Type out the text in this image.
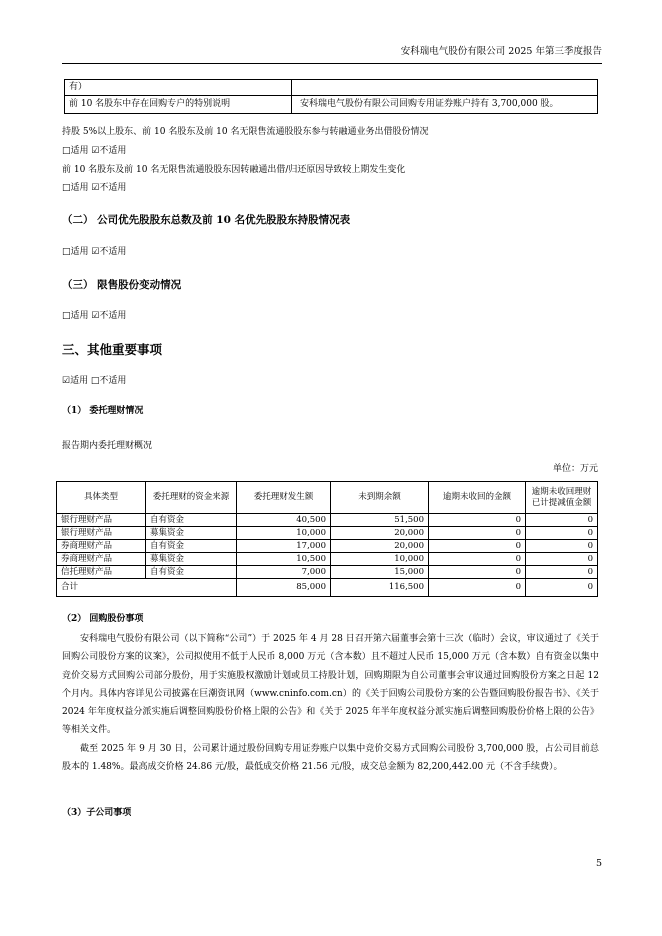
安科瑞电气股份有限公司 2025 年第三季度报告
有）	
前 10 名股东中存在回购专户的特别说明	安科瑞电气股份有限公司回购专用证券账户持有 3,700,000 股。
持股 5%以上股东、前 10 名股东及前 10 名无限售流通股股东参与转融通业务出借股份情况
□适用 ☑不适用
前 10 名股东及前 10 名无限售流通股股东因转融通出借/归还原因导致较上期发生变化
□适用 ☑不适用
（二） 公司优先股股东总数及前 10 名优先股股东持股情况表
□适用 ☑不适用
（三） 限售股份变动情况
□适用 ☑不适用
三、其他重要事项
☑适用 □不适用
（1） 委托理财情况
报告期内委托理财概况
单位：万元
具体类型	委托理财的资金来源	委托理财发生额	未到期余额	逾期未收回的金额	逾期未收回理财已计提减值金额
银行理财产品	自有资金	40,500	51,500	0	0
银行理财产品	募集资金	10,000	20,000	0	0
券商理财产品	自有资金	17,000	20,000	0	0
券商理财产品	募集资金	10,500	10,000	0	0
信托理财产品	自有资金	7,000	15,000	0	0
合计		85,000	116,500	0	0
（2） 回购股份事项

安科瑞电气股份有限公司（以下简称“公司”）于 2025 年 4 月 28 日召开第六届董事会第十三次（临时）会议，审议通过了《关于回购公司股份方案的议案》，公司拟使用不低于人民币 8,000 万元（含本数）且不超过人民币 15,000 万元（含本数）自有资金以集中竞价交易方式回购公司部分股份，用于实施股权激励计划或员工持股计划，回购期限为自公司董事会审议通过回购股份方案之日起 12 个月内。具体内容详见公司披露在巨潮资讯网（www.cninfo.com.cn）的《关于回购公司股份方案的公告暨回购股份报告书》、《关于 2024 年年度权益分派实施后调整回购股份价格上限的公告》和《关于 2025 年半年度权益分派实施后调整回购股份价格上限的公告》等相关文件。

截至 2025 年 9 月 30 日，公司累计通过股份回购专用证券账户以集中竞价交易方式回购公司股份 3,700,000 股，占公司目前总股本的 1.48%。最高成交价格 24.86 元/股，最低成交价格 21.56 元/股，成交总金额为 82,200,442.00 元（不含手续费）。

（3）子公司事项
5
